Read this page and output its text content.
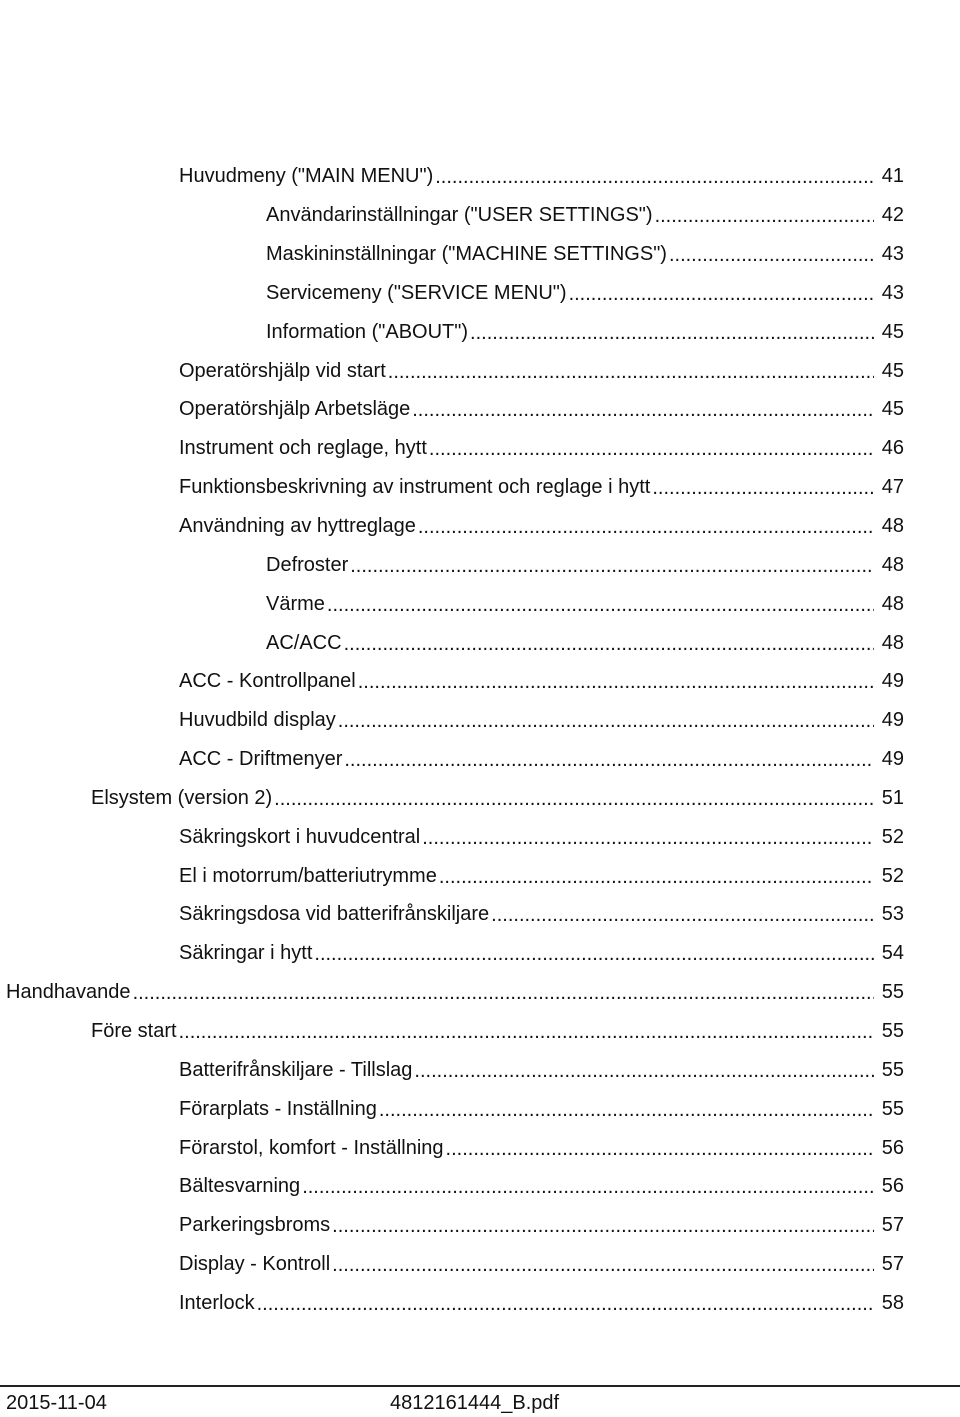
Huvudmeny ("MAIN MENU") .....	41
Användarinställningar ("USER SETTINGS") .....	42
Maskininställningar ("MACHINE SETTINGS") .....	43
Servicemeny ("SERVICE MENU") .....	43
Information ("ABOUT") .....	45
Operatörshjälp vid start .....	45
Operatörshjälp Arbetsläge .....	45
Instrument och reglage, hytt .....	46
Funktionsbeskrivning av instrument och reglage i hytt .....	47
Användning av hyttreglage .....	48
Defroster .....	48
Värme .....	48
AC/ACC .....	48
ACC - Kontrollpanel .....	49
Huvudbild display .....	49
ACC - Driftmenyer .....	49
Elsystem (version 2) .....	51
Säkringskort i huvudcentral .....	52
El i motorrum/batteriutrymme .....	52
Säkringsdosa vid batterifrånskiljare .....	53
Säkringar i hytt .....	54
Handhavande .....	55
Före start .....	55
Batterifrånskiljare - Tillslag .....	55
Förarplats - Inställning .....	55
Förarstol, komfort - Inställning .....	56
Bältesvarning .....	56
Parkeringsbroms .....	57
Display - Kontroll .....	57
Interlock .....	58
2015-11-04	4812161444_B.pdf
